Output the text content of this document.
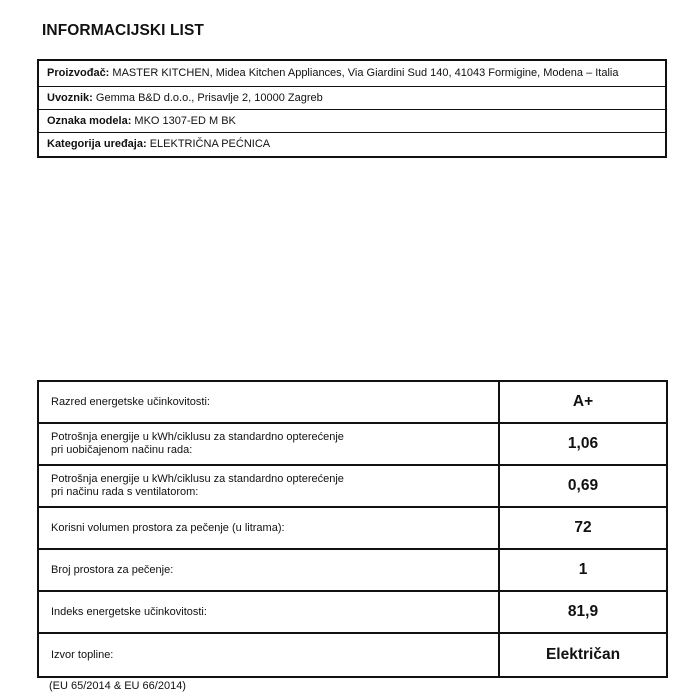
INFORMACIJSKI LIST
Proizvođač: MASTER KITCHEN, Midea Kitchen Appliances, Via Giardini Sud 140, 41043 Formigine, Modena – Italia
Uvoznik: Gemma B&D d.o.o., Prisavlje 2, 10000 Zagreb
Oznaka modela: MKO 1307-ED M BK
Kategorija uređaja: ELEKTRIČNA PEĆNICA
Razred energetske učinkovitosti:	A+
Potrošnja energije u kWh/ciklusu za standardno opterećenje
pri uobičajenom načinu rada:	1,06
Potrošnja energije u kWh/ciklusu za standardno opterećenje
pri načinu rada s ventilatorom:	0,69
Korisni volumen prostora za pečenje (u litrama):	72
Broj prostora za pečenje:	1
Indeks energetske učinkovitosti:	81,9
Izvor topline:	Električan
(EU 65/2014 & EU 66/2014)
